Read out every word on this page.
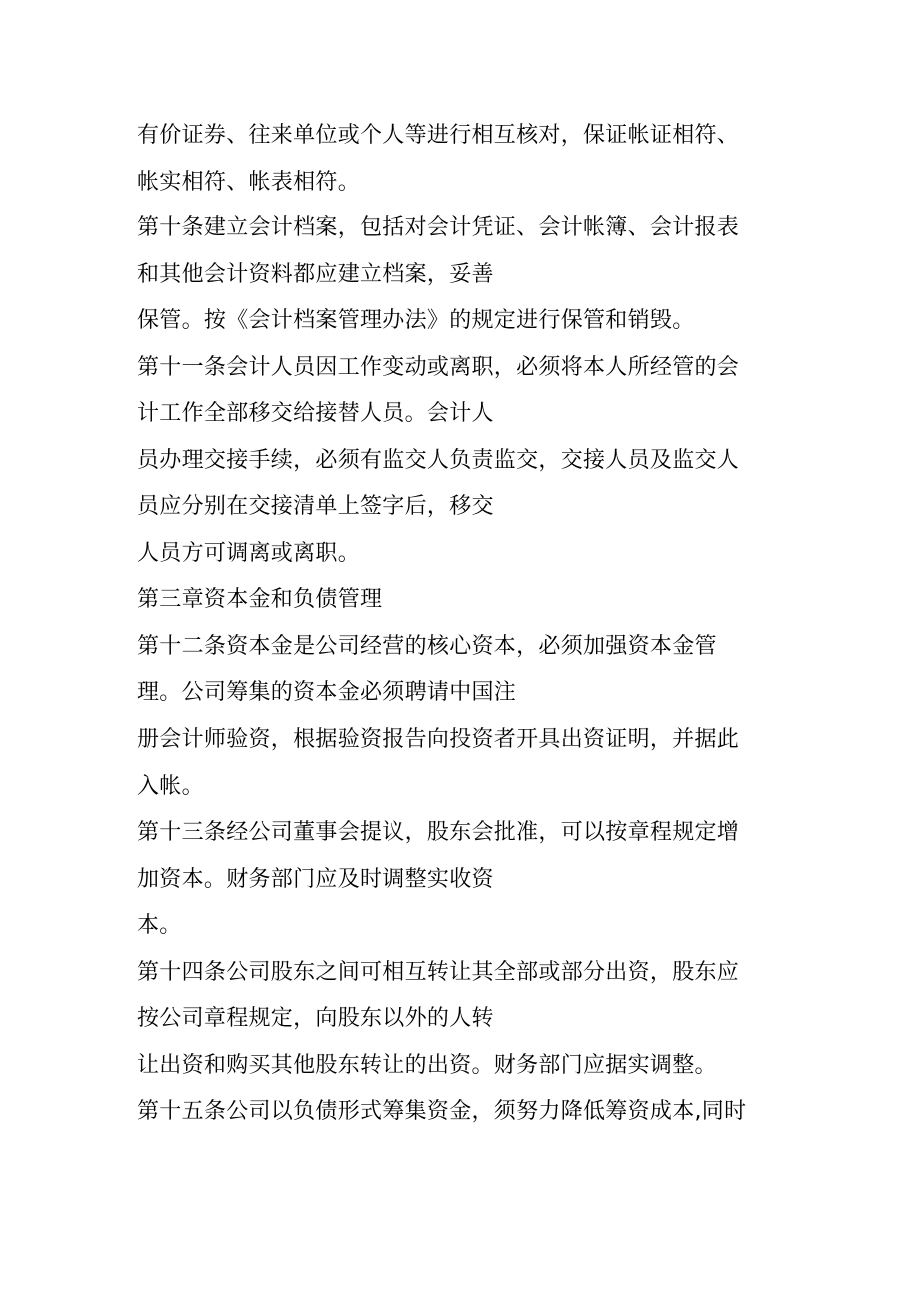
有价证券、往来单位或个人等进行相互核对，保证帐证相符、
帐实相符、帐表相符。
第十条建立会计档案，包括对会计凭证、会计帐簿、会计报表
和其他会计资料都应建立档案，妥善
保管。按《会计档案管理办法》的规定进行保管和销毁。
第十一条会计人员因工作变动或离职，必须将本人所经管的会
计工作全部移交给接替人员。会计人
员办理交接手续，必须有监交人负责监交，交接人员及监交人
员应分别在交接清单上签字后，移交
人员方可调离或离职。
第三章资本金和负债管理
第十二条资本金是公司经营的核心资本，必须加强资本金管
理。公司筹集的资本金必须聘请中国注
册会计师验资，根据验资报告向投资者开具出资证明，并据此
入帐。
第十三条经公司董事会提议，股东会批准，可以按章程规定增
加资本。财务部门应及时调整实收资
本。
第十四条公司股东之间可相互转让其全部或部分出资，股东应
按公司章程规定，向股东以外的人转
让出资和购买其他股东转让的出资。财务部门应据实调整。
第十五条公司以负债形式筹集资金，须努力降低筹资成本,同时
